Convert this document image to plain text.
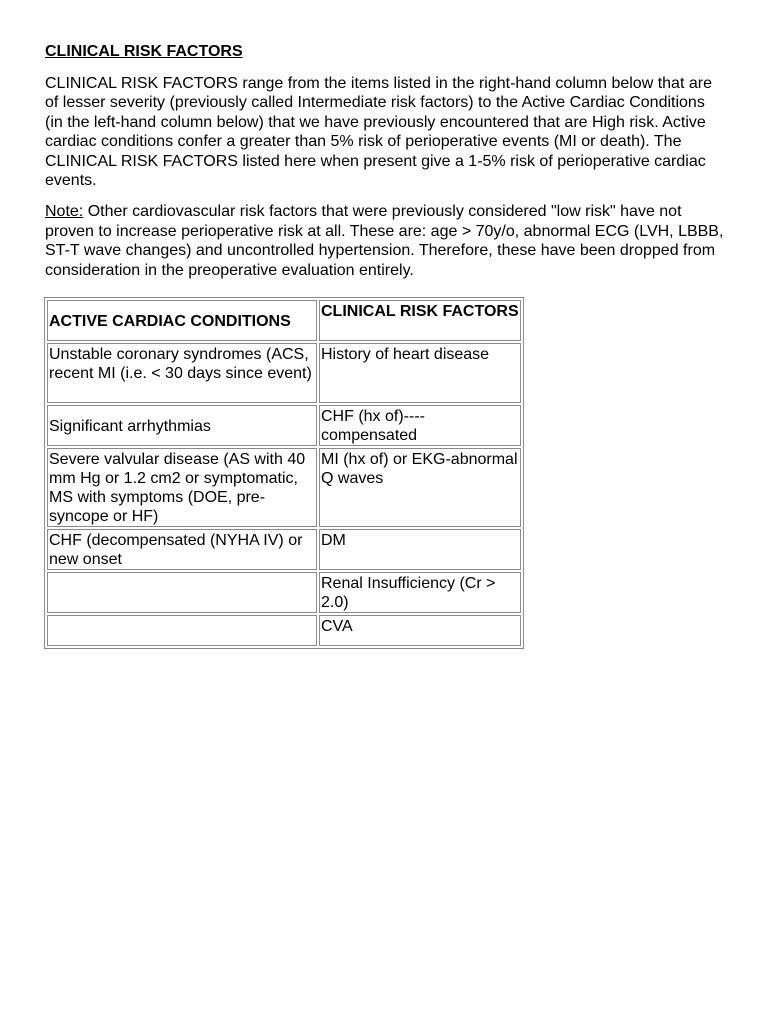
CLINICAL RISK FACTORS

CLINICAL RISK FACTORS range from the items listed in the right-hand column below that are of lesser severity (previously called Intermediate risk factors) to the Active Cardiac Conditions (in the left-hand column below) that we have previously encountered that are High risk. Active cardiac conditions confer a greater than 5% risk of perioperative events (MI or death). The CLINICAL RISK FACTORS listed here when present give a 1-5% risk of perioperative cardiac events.

Note: Other cardiovascular risk factors that were previously considered "low risk" have not proven to increase perioperative risk at all. These are: age > 70y/o, abnormal ECG (LVH, LBBB, ST-T wave changes) and uncontrolled hypertension. Therefore, these have been dropped from consideration in the preoperative evaluation entirely.

ACTIVE CARDIAC CONDITIONS	CLINICAL RISK FACTORS
Unstable coronary syndromes (ACS, recent MI (i.e. < 30 days since event)	History of heart disease
Significant arrhythmias	CHF (hx of)----compensated
Severe valvular disease (AS with 40 mm Hg or 1.2 cm2 or symptomatic, MS with symptoms (DOE, pre-syncope or HF)	MI (hx of) or EKG-abnormal Q waves
CHF (decompensated (NYHA IV) or new onset	DM
	Renal Insufficiency (Cr > 2.0)
	CVA
